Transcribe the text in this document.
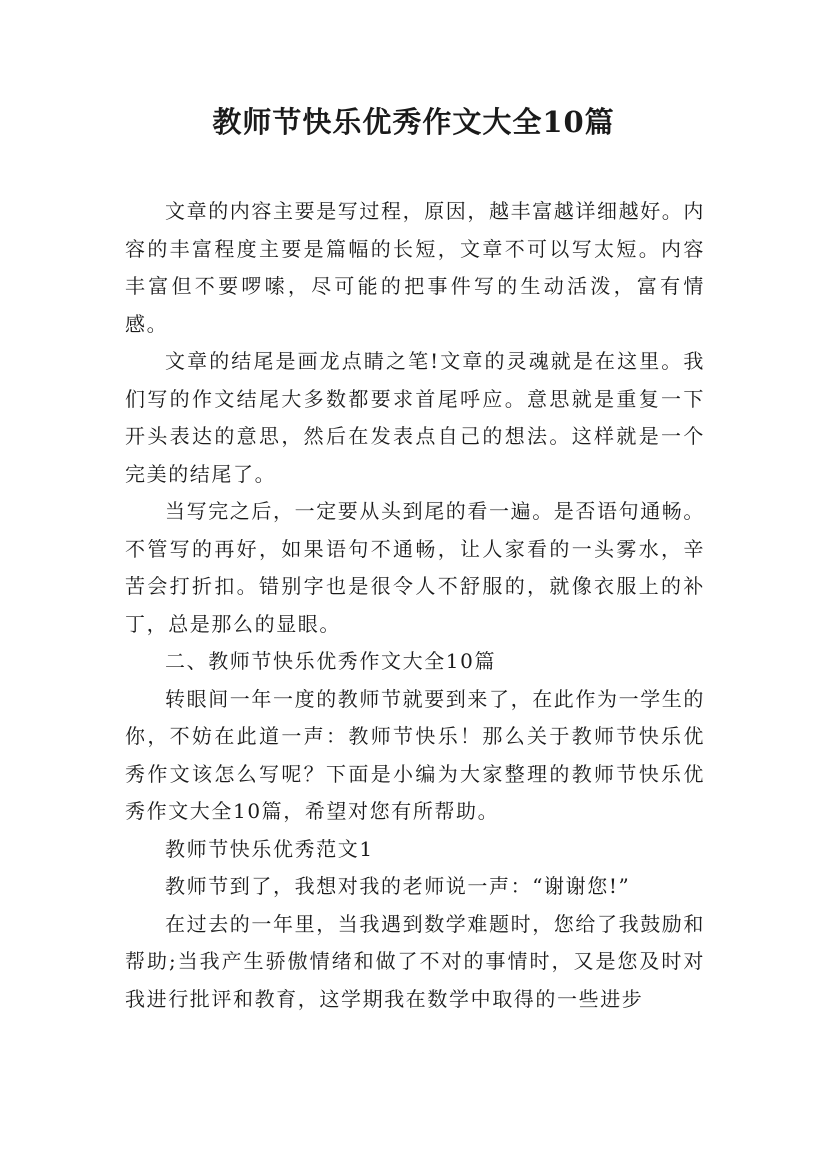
教师节快乐优秀作文大全10篇

文章的内容主要是写过程，原因，越丰富越详细越好。内容的丰富程度主要是篇幅的长短，文章不可以写太短。内容丰富但不要啰嗦，尽可能的把事件写的生动活泼，富有情感。

文章的结尾是画龙点睛之笔!文章的灵魂就是在这里。我们写的作文结尾大多数都要求首尾呼应。意思就是重复一下开头表达的意思，然后在发表点自己的想法。这样就是一个完美的结尾了。

当写完之后，一定要从头到尾的看一遍。是否语句通畅。不管写的再好，如果语句不通畅，让人家看的一头雾水，辛苦会打折扣。错别字也是很令人不舒服的，就像衣服上的补丁，总是那么的显眼。

二、教师节快乐优秀作文大全10篇

转眼间一年一度的教师节就要到来了，在此作为一学生的你，不妨在此道一声：教师节快乐！那么关于教师节快乐优秀作文该怎么写呢？下面是小编为大家整理的教师节快乐优秀作文大全10篇，希望对您有所帮助。

教师节快乐优秀范文1

教师节到了，我想对我的老师说一声：“谢谢您!”

在过去的一年里，当我遇到数学难题时，您给了我鼓励和帮助;当我产生骄傲情绪和做了不对的事情时，又是您及时对我进行批评和教育，这学期我在数学中取得的一些进步
